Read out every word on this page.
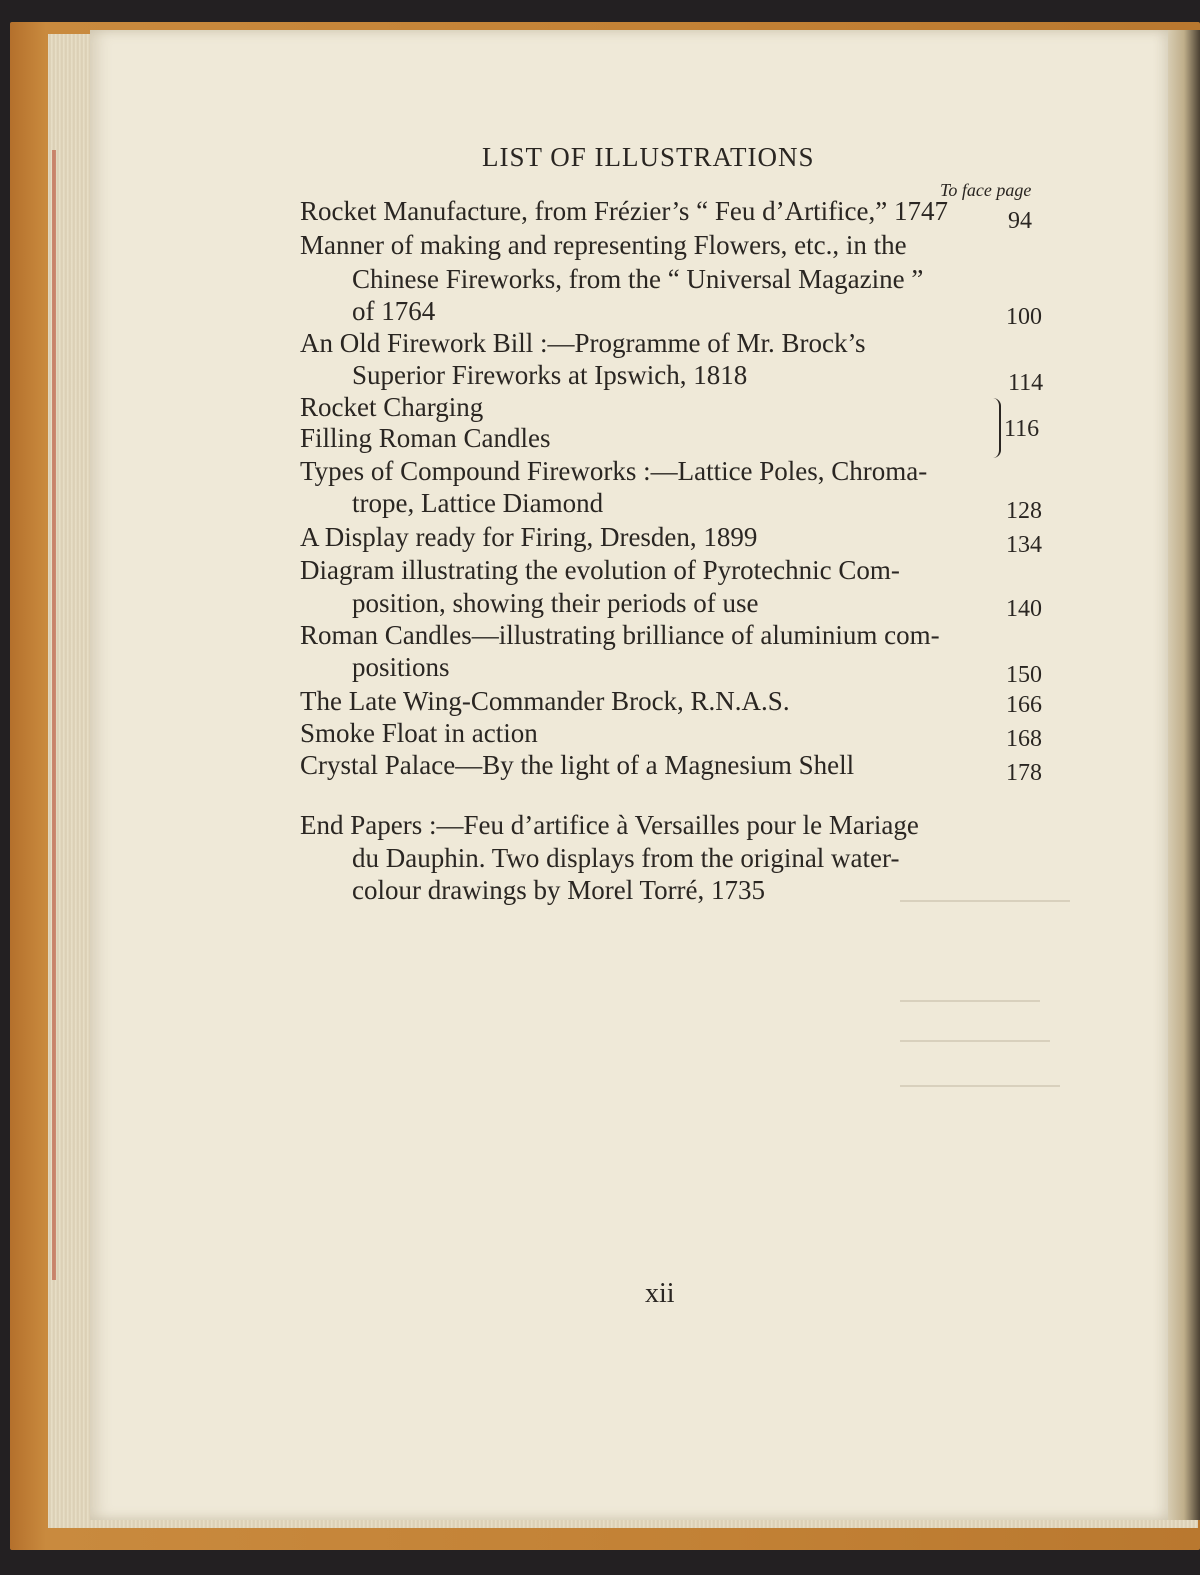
LIST OF ILLUSTRATIONS
To face page
Rocket Manufacture, from Frézier’s “ Feu d’Artifice,” 1747 94
Manner of making and representing Flowers, etc., in the
Chinese Fireworks, from the “ Universal Magazine ”
of 1764	100
An Old Firework Bill :—Programme of Mr. Brock’s
Superior Fireworks at Ipswich, 1818	114
Rocket Charging
Filling Roman Candles	116
Types of Compound Fireworks :—Lattice Poles, Chroma-
trope, Lattice Diamond	128
A Display ready for Firing, Dresden, 1899	134
Diagram illustrating the evolution of Pyrotechnic Com-
position, showing their periods of use	140
Roman Candles—illustrating brilliance of aluminium com-
positions	150
The Late Wing-Commander Brock, R.N.A.S.	166
Smoke Float in action	168
Crystal Palace—By the light of a Magnesium Shell	178
End Papers :—Feu d’artifice à Versailles pour le Mariage
du Dauphin. Two displays from the original water-
colour drawings by Morel Torré, 1735
xii
